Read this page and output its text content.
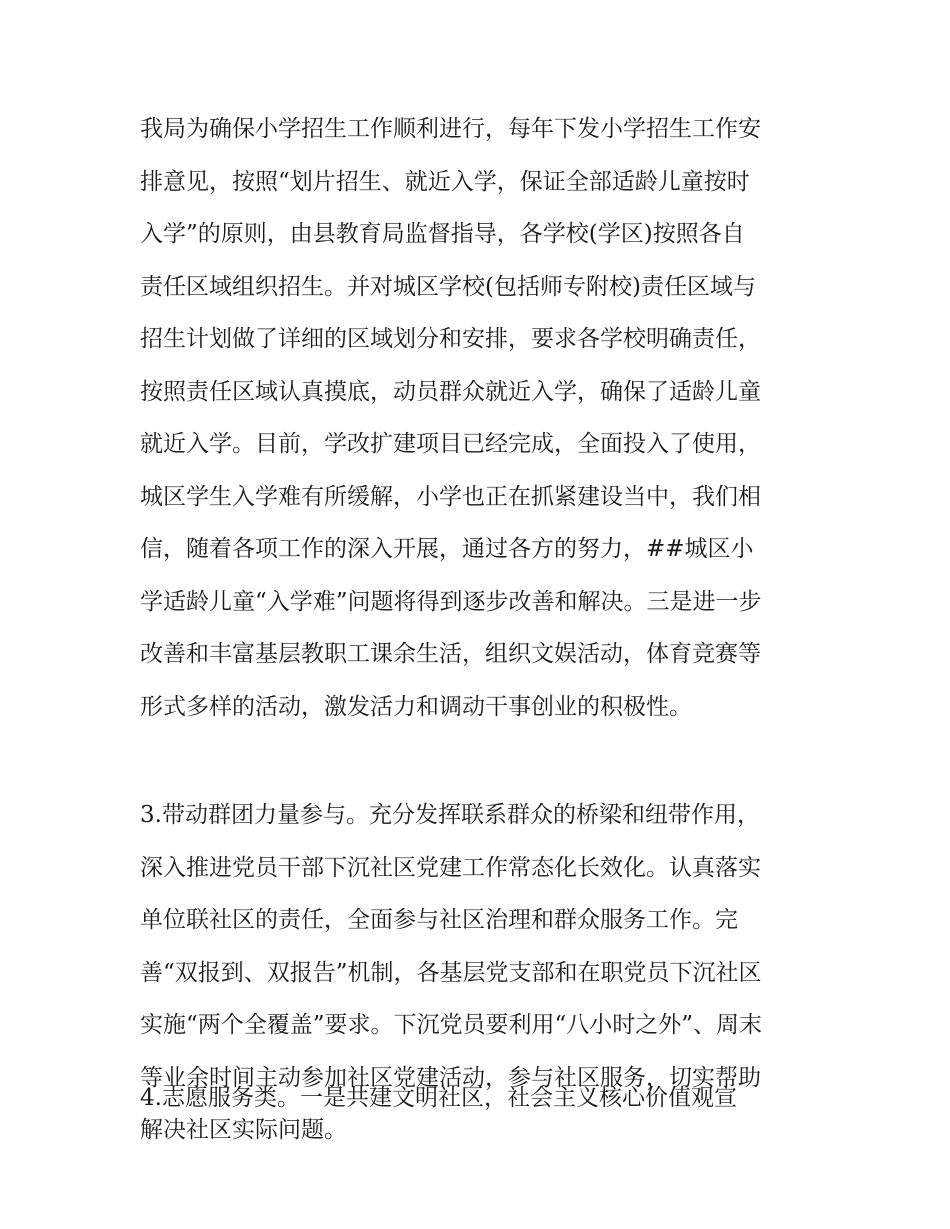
我局为确保小学招生工作顺利进行，每年下发小学招生工作安
排意见，按照“划片招生、就近入学，保证全部适龄儿童按时
入学”的原则，由县教育局监督指导，各学校(学区)按照各自
责任区域组织招生。并对城区学校(包括师专附校)责任区域与
招生计划做了详细的区域划分和安排，要求各学校明确责任，
按照责任区域认真摸底，动员群众就近入学，确保了适龄儿童
就近入学。目前，学改扩建项目已经完成，全面投入了使用，
城区学生入学难有所缓解，小学也正在抓紧建设当中，我们相
信，随着各项工作的深入开展，通过各方的努力，##城区小
学适龄儿童“入学难”问题将得到逐步改善和解决。三是进一步
改善和丰富基层教职工课余生活，组织文娱活动，体育竞赛等
形式多样的活动，激发活力和调动干事创业的积极性。
3.带动群团力量参与。充分发挥联系群众的桥梁和纽带作用，
深入推进党员干部下沉社区党建工作常态化长效化。认真落实
单位联社区的责任，全面参与社区治理和群众服务工作。完
善“双报到、双报告”机制，各基层党支部和在职党员下沉社区
实施“两个全覆盖”要求。下沉党员要利用“八小时之外”、周末
等业余时间主动参加社区党建活动，参与社区服务，切实帮助
解决社区实际问题。
4.志愿服务类。一是共建文明社区，社会主义核心价值观宣
